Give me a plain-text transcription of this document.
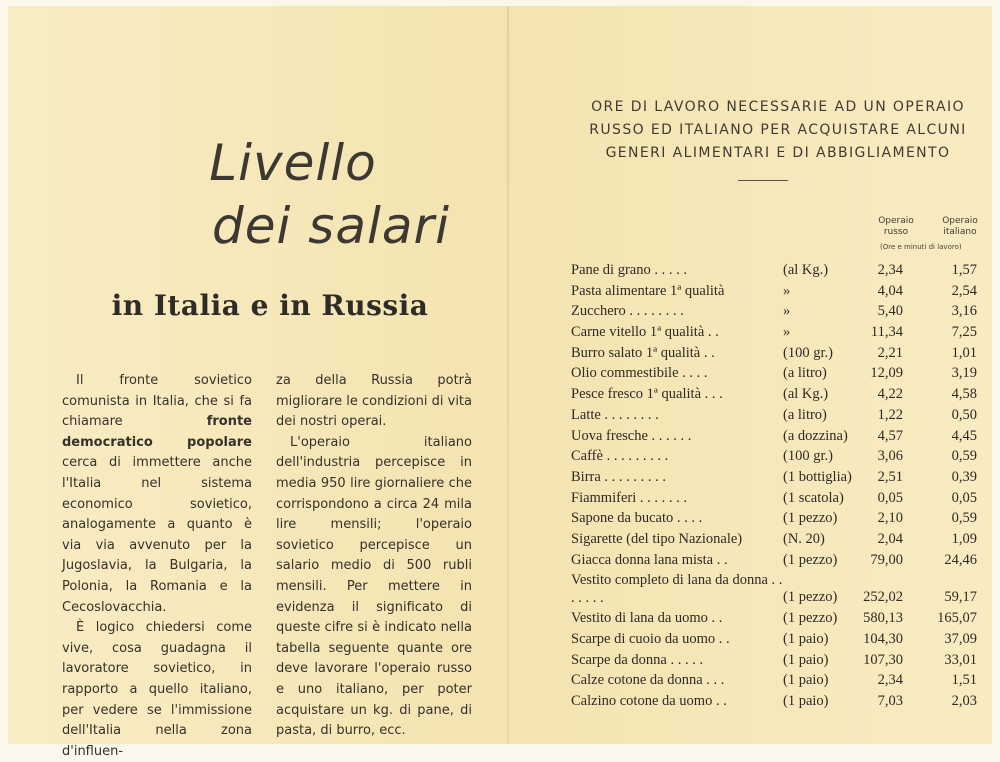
Livello
dei salari
in Italia e in Russia

Il fronte sovietico comunista in Italia, che si fa chiamare fronte democratico popolare cerca di immettere anche l'Italia nel sistema economico sovietico, analogamente a quanto è via via avvenuto per la Jugoslavia, la Bulgaria, la Polonia, la Romania e la Cecoslovacchia.

È logico chiedersi come vive, cosa guadagna il lavoratore sovietico, in rapporto a quello italiano, per vedere se l'immissione dell'Italia nella zona d'influen-

za della Russia potrà migliorare le condizioni di vita dei nostri operai.

L'operaio italiano dell'industria percepisce in media 950 lire giornaliere che corrispondono a circa 24 mila lire mensili; l'operaio sovietico percepisce un salario medio di 500 rubli mensili. Per mettere in evidenza il significato di queste cifre si è indicato nella tabella seguente quante ore deve lavorare l'operaio russo e uno italiano, per poter acquistare un kg. di pane, di pasta, di burro, ecc.

ORE DI LAVORO NECESSARIE AD UN OPERAIO
RUSSO ED ITALIANO PER ACQUISTARE ALCUNI
GENERI ALIMENTARI E DI ABBIGLIAMENTO
Operaio russo
Operaio italiano
(Ore e minuti di lavoro)
Pane di grano . . . . .	(al Kg.)	2,34	1,57
Pasta alimentare 1ª qualità	»	4,04	2,54
Zucchero . . . . . . . .	»	5,40	3,16
Carne vitello 1ª qualità . .	»	11,34	7,25
Burro salato 1ª qualità . .	(100 gr.)	2,21	1,01
Olio commestibile . . . .	(a litro)	12,09	3,19
Pesce fresco 1ª qualità . . .	(al Kg.)	4,22	4,58
Latte . . . . . . . .	(a litro)	1,22	0,50
Uova fresche . . . . . .	(a dozzina)	4,57	4,45
Caffè . . . . . . . . .	(100 gr.)	3,06	0,59
Birra . . . . . . . . .	(1 bottiglia)	2,51	0,39
Fiammiferi . . . . . . .	(1 scatola)	0,05	0,05
Sapone da bucato . . . .	(1 pezzo)	2,10	0,59
Sigarette (del tipo Nazionale)	(N. 20)	2,04	1,09
Giacca donna lana mista . .	(1 pezzo)	79,00	24,46
Vestito completo di lana da donna . . . . . . .	(1 pezzo) 252,02	59,17
Vestito di lana da uomo . .	(1 pezzo) 580,13	165,07
Scarpe di cuoio da uomo . .	(1 paio) 104,30	37,09
Scarpe da donna . . . . .	(1 paio) 107,30	33,01
Calze cotone da donna . . .	(1 paio)	2,34	1,51
Calzino cotone da uomo . .	(1 paio)	7,03	2,03
